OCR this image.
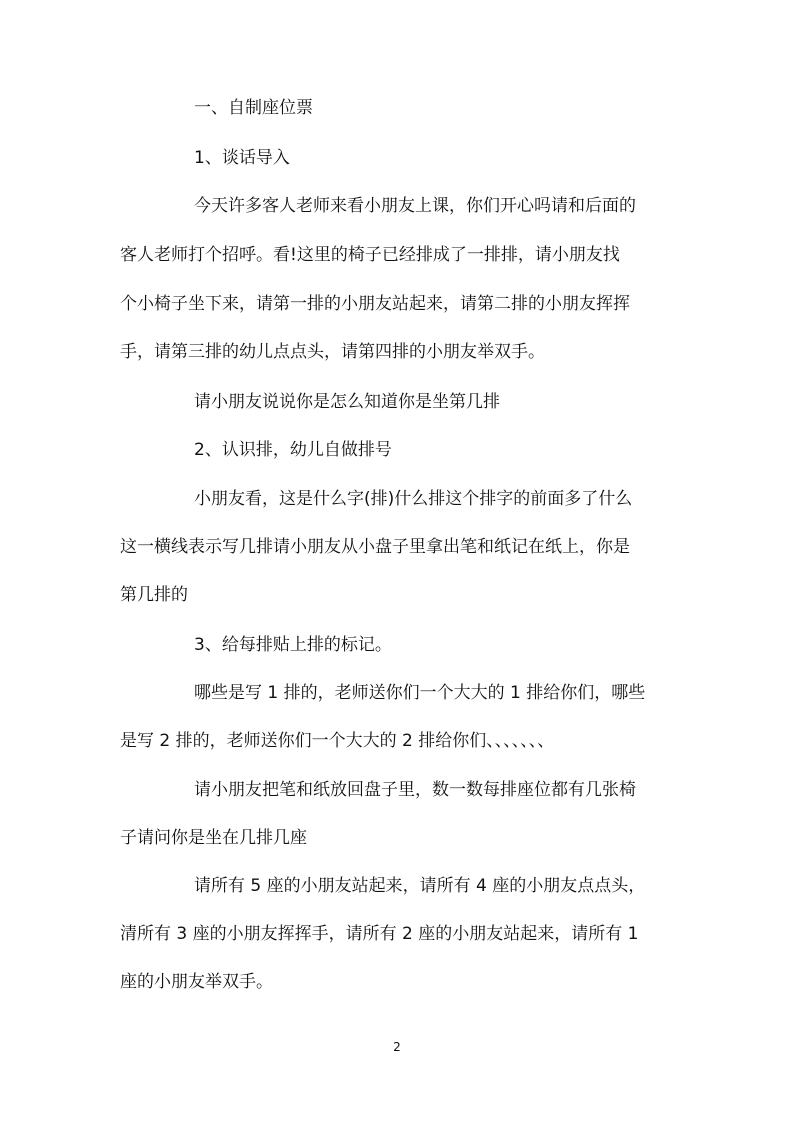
一、自制座位票
1、谈话导入
今天许多客人老师来看小朋友上课，你们开心吗请和后面的
客人老师打个招呼。看!这里的椅子已经排成了一排排，请小朋友找
个小椅子坐下来，请第一排的小朋友站起来，请第二排的小朋友挥挥
手，请第三排的幼儿点点头，请第四排的小朋友举双手。
请小朋友说说你是怎么知道你是坐第几排
2、认识排，幼儿自做排号
小朋友看，这是什么字(排)什么排这个排字的前面多了什么
这一横线表示写几排请小朋友从小盘子里拿出笔和纸记在纸上，你是
第几排的
3、给每排贴上排的标记。
哪些是写 1 排的，老师送你们一个大大的 1 排给你们，哪些
是写 2 排的，老师送你们一个大大的 2 排给你们、、、、、、、
请小朋友把笔和纸放回盘子里，数一数每排座位都有几张椅
子请问你是坐在几排几座
请所有 5 座的小朋友站起来，请所有 4 座的小朋友点点头，
清所有 3 座的小朋友挥挥手，请所有 2 座的小朋友站起来，请所有 1
座的小朋友举双手。
2
